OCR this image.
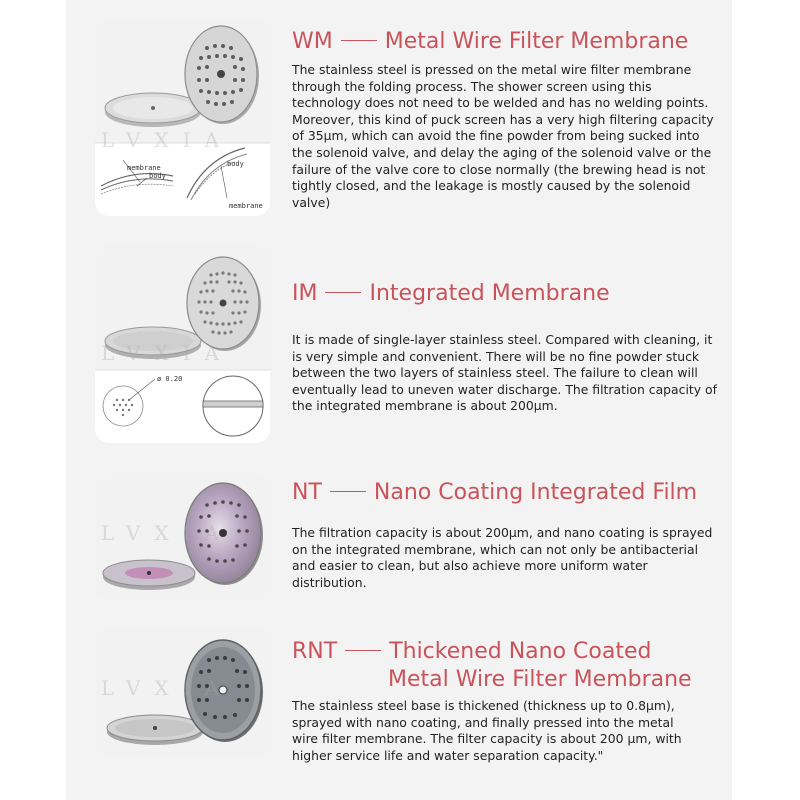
membrane
body
body
membrane
LVXIA
WM Metal Wire Filter Membrane
The stainless steel is pressed on the metal wire filter membrane through the folding process. The shower screen using this technology does not need to be welded and has no welding points. Moreover, this kind of puck screen has a very high filtering capacity of 35μm, which can avoid the fine powder from being sucked into the solenoid valve, and delay the aging of the solenoid valve or the failure of the valve core to close normally (the brewing head is not tightly closed, and the leakage is mostly caused by the solenoid valve)
ø 0.20
LVXIA
IM Integrated Membrane
It is made of single-layer stainless steel. Compared with cleaning, it is very simple and convenient. There will be no fine powder stuck between the two layers of stainless steel. The failure to clean will eventually lead to uneven water discharge. The filtration capacity of the integrated membrane is about 200μm.
LVXIA
NT Nano Coating Integrated Film
The filtration capacity is about 200μm, and nano coating is sprayed on the integrated membrane, which can not only be antibacterial and easier to clean, but also achieve more uniform water distribution.
LVXIA
RNT Thickened Nano Coated
Metal Wire Filter Membrane
The stainless steel base is thickened (thickness up to 0.8μm), sprayed with nano coating, and finally pressed into the metal wire filter membrane. The filter capacity is about 200 μm, with higher service life and water separation capacity."
